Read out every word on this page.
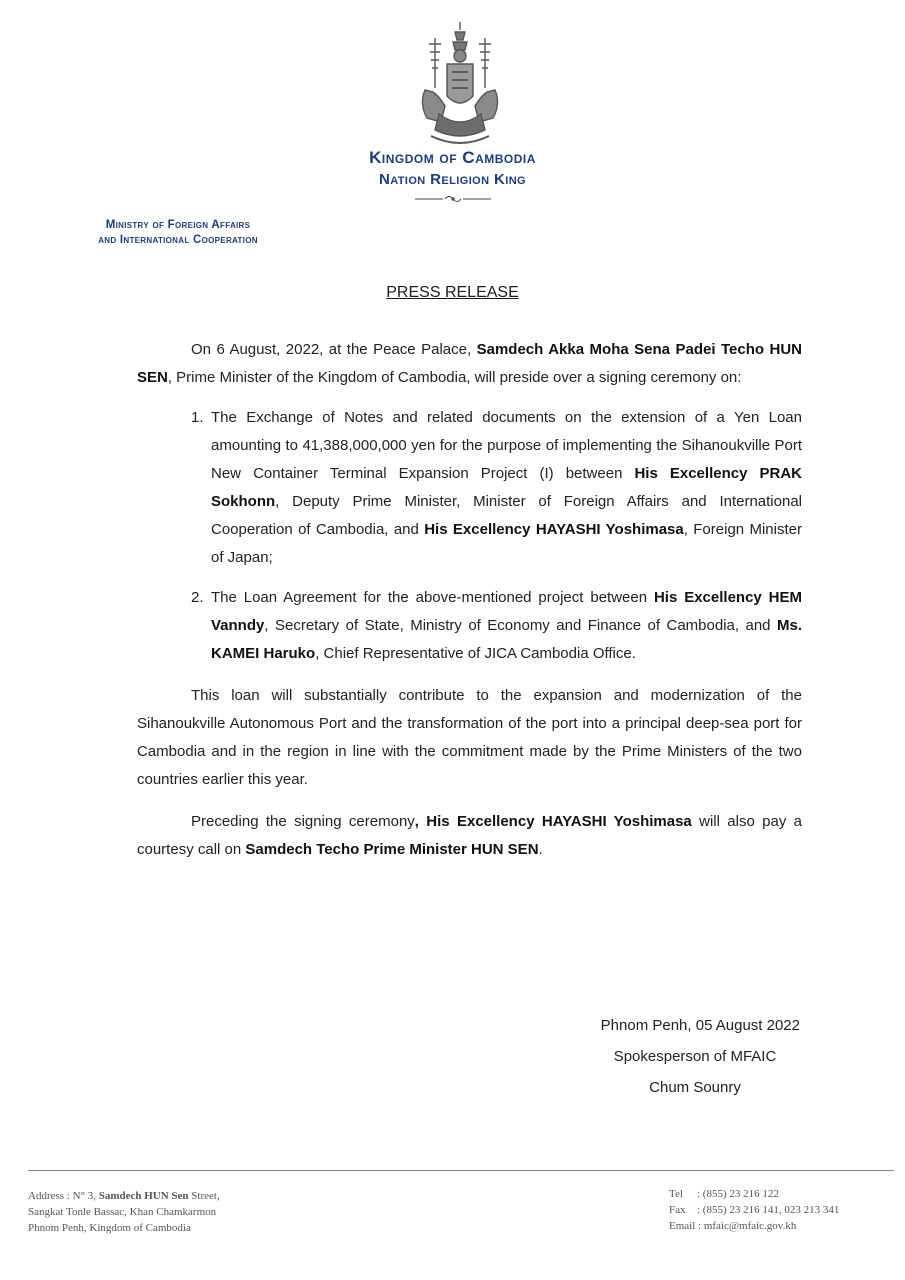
Kingdom of Cambodia
Nation Religion King
Ministry of Foreign Affairs
and International Cooperation
PRESS RELEASE

On 6 August, 2022, at the Peace Palace, Samdech Akka Moha Sena Padei Techo HUN SEN, Prime Minister of the Kingdom of Cambodia, will preside over a signing ceremony on:

1. The Exchange of Notes and related documents on the extension of a Yen Loan amounting to 41,388,000,000 yen for the purpose of implementing the Sihanoukville Port New Container Terminal Expansion Project (I) between His Excellency PRAK Sokhonn, Deputy Prime Minister, Minister of Foreign Affairs and International Cooperation of Cambodia, and His Excellency HAYASHI Yoshimasa, Foreign Minister of Japan;
2. The Loan Agreement for the above-mentioned project between His Excellency HEM Vanndy, Secretary of State, Ministry of Economy and Finance of Cambodia, and Ms. KAMEI Haruko, Chief Representative of JICA Cambodia Office.

This loan will substantially contribute to the expansion and modernization of the Sihanoukville Autonomous Port and the transformation of the port into a principal deep-sea port for Cambodia and in the region in line with the commitment made by the Prime Ministers of the two countries earlier this year.

Preceding the signing ceremony, His Excellency HAYASHI Yoshimasa will also pay a courtesy call on Samdech Techo Prime Minister HUN SEN.

Phnom Penh, 05 August 2022
Spokesperson of MFAIC
Chum Sounry
Address : N° 3, Samdech HUN Sen Street,
Sangkat Tonle Bassac, Khan Chamkarmon
Phnom Penh, Kingdom of Cambodia
Tel : (855) 23 216 122
Fax : (855) 23 216 141, 023 213 341
Email : mfaic@mfaic.gov.kh
